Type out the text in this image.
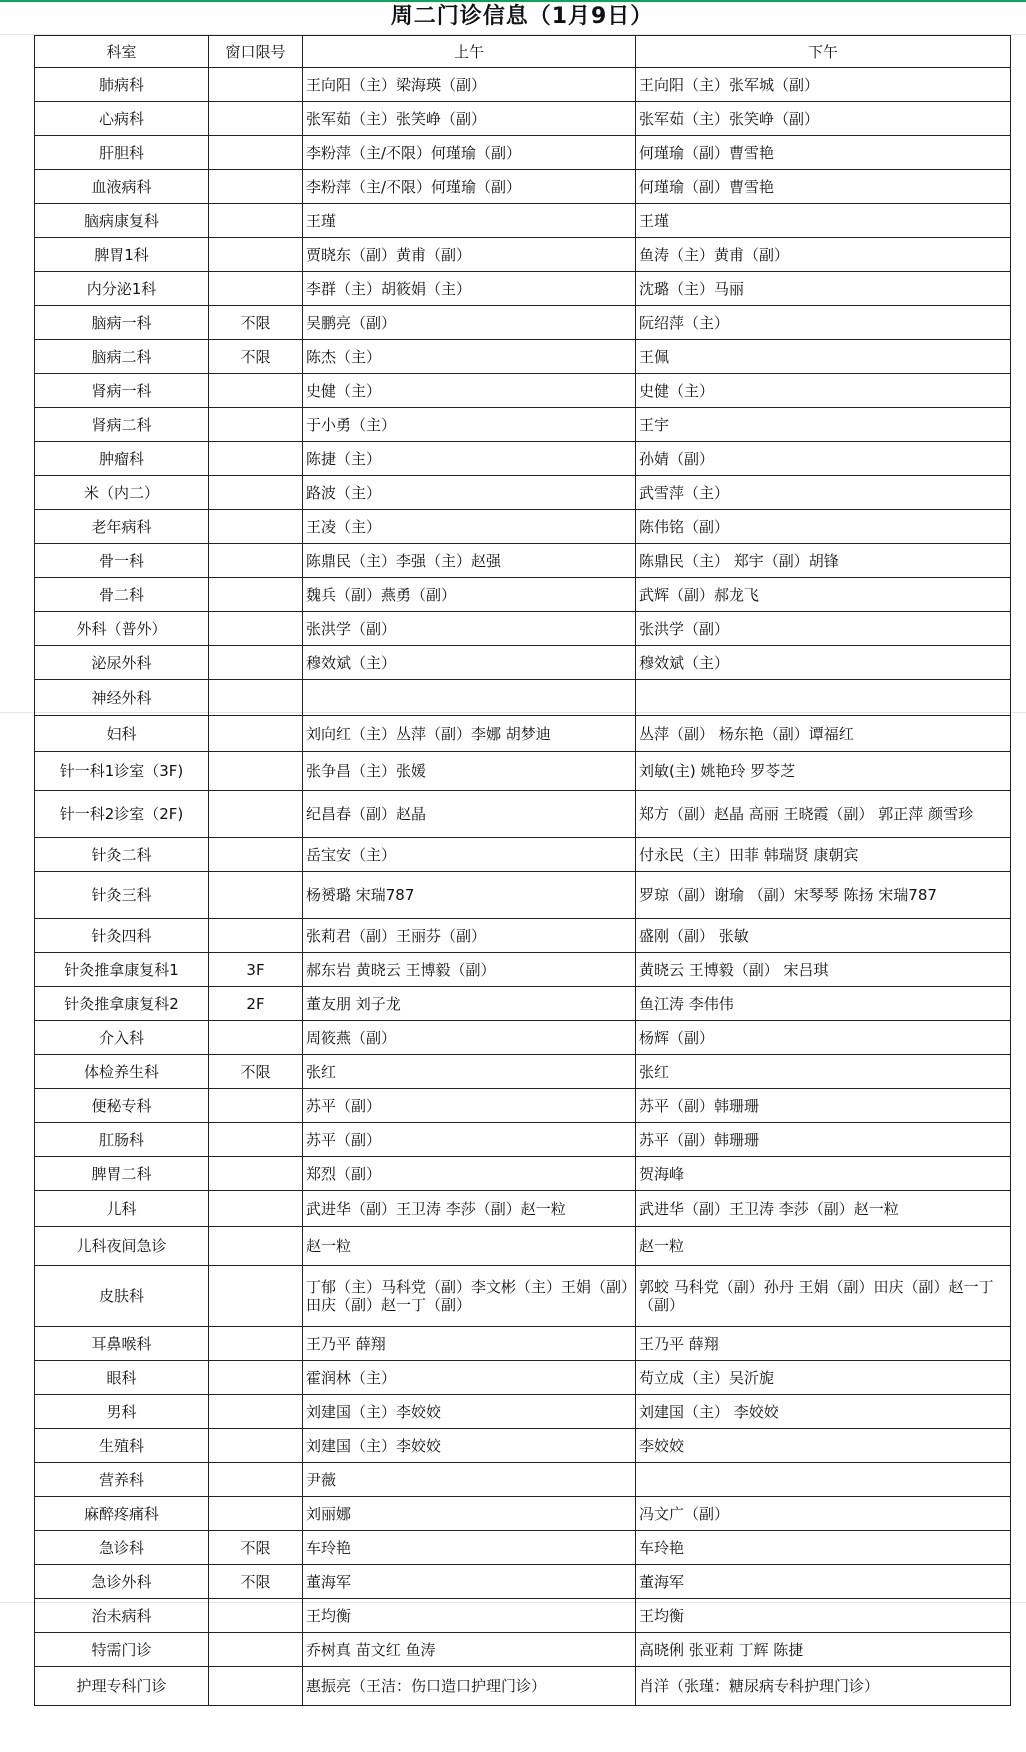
周二门诊信息（1月9日）
科室	窗口限号	上午	下午
肺病科		王向阳（主）梁海瑛（副）	王向阳（主）张军城（副）
心病科		张军茹（主）张笑峥（副）	张军茹（主）张笑峥（副）
肝胆科		李粉萍（主/不限）何瑾瑜（副）	何瑾瑜（副）曹雪艳
血液病科		李粉萍（主/不限）何瑾瑜（副）	何瑾瑜（副）曹雪艳
脑病康复科		王瑾	王瑾
脾胃1科		贾晓东（副）黄甫（副）	鱼涛（主）黄甫（副）
内分泌1科		李群（主）胡筱娟（主）	沈璐（主）马丽
脑病一科	不限	吴鹏亮（副）	阮绍萍（主）
脑病二科	不限	陈杰（主）	王佩
肾病一科		史健（主）	史健（主）
肾病二科		于小勇（主）	王宇
肿瘤科		陈捷（主）	孙婧（副）
米（内二）		路波（主）	武雪萍（主）
老年病科		王凌（主）	陈伟铭（副）
骨一科		陈鼎民（主）李强（主）赵强	陈鼎民（主） 郑宇（副）胡锋
骨二科		魏兵（副）燕勇（副）	武辉（副）郝龙飞
外科（普外）		张洪学（副）	张洪学（副）
泌尿外科		穆效斌（主）	穆效斌（主）
神经外科			
妇科		刘向红（主）丛萍（副）李娜 胡梦迪	丛萍（副） 杨东艳（副）谭福红
针一科1诊室（3F)		张争昌（主）张媛	刘敏(主) 姚艳玲 罗苓芝
针一科2诊室（2F)		纪昌春（副）赵晶	郑方（副）赵晶 高丽 王晓霞（副） 郭正萍 颜雪珍
针灸二科		岳宝安（主）	付永民（主）田菲 韩瑞贤 康朝宾
针灸三科		杨赟璐 宋瑞787	罗琼（副）谢瑜 （副）宋琴琴 陈扬 宋瑞787
针灸四科		张莉君（副）王丽芬（副）	盛刚（副） 张敏
针灸推拿康复科1	3F	郝东岩 黄晓云 王博毅（副）	黄晓云 王博毅（副） 宋吕琪
针灸推拿康复科2	2F	董友朋 刘子龙	鱼江涛 李伟伟
介入科		周筱燕（副）	杨辉（副）
体检养生科	不限	张红	张红
便秘专科		苏平（副）	苏平（副）韩珊珊
肛肠科		苏平（副）	苏平（副）韩珊珊
脾胃二科		郑烈（副）	贺海峰
儿科		武进华（副）王卫涛 李莎（副）赵一粒	武进华（副）王卫涛 李莎（副）赵一粒
儿科夜间急诊		赵一粒	赵一粒
皮肤科		丁郁（主）马科党（副）李文彬（主）王娟（副）田庆（副）赵一丁（副）	郭蛟 马科党（副）孙丹 王娟（副）田庆（副）赵一丁（副）
耳鼻喉科		王乃平 薛翔	王乃平 薛翔
眼科		霍润林（主）	苟立成（主）吴沂旎
男科		刘建国（主）李姣姣	刘建国（主） 李姣姣
生殖科		刘建国（主）李姣姣	李姣姣
营养科		尹薇	
麻醉疼痛科		刘丽娜	冯文广（副）
急诊科	不限	车玲艳	车玲艳
急诊外科	不限	董海军	董海军
治未病科		王均衡	王均衡
特需门诊		乔树真 苗文红 鱼涛	高晓俐 张亚莉 丁辉 陈捷
护理专科门诊		惠振亮（王洁：伤口造口护理门诊）	肖洋（张瑾：糖尿病专科护理门诊）
